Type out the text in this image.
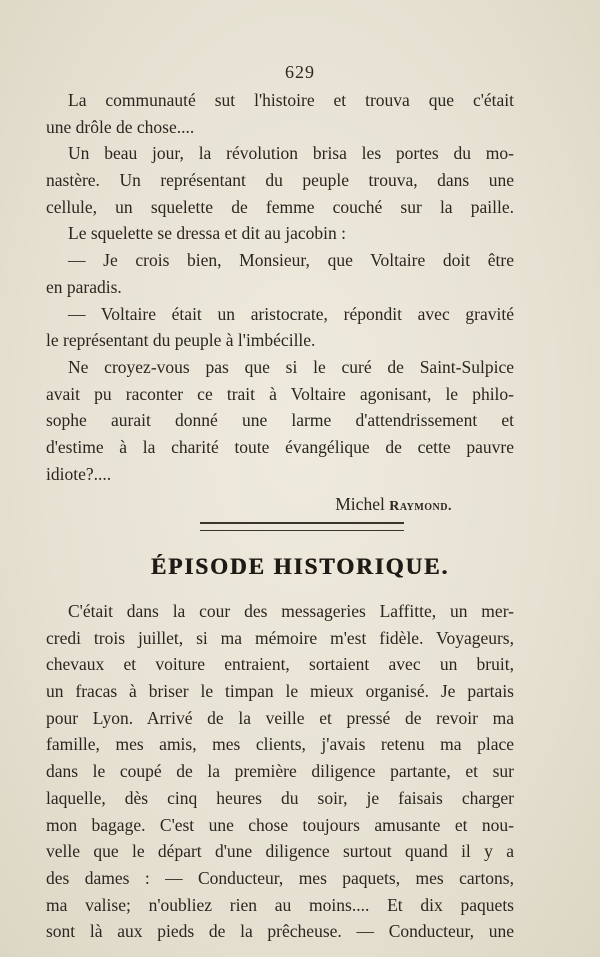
629
La communauté sut l'histoire et trouva que c'était
une drôle de chose....
Un beau jour, la révolution brisa les portes du mo-
nastère. Un représentant du peuple trouva, dans une
cellule, un squelette de femme couché sur la paille.
Le squelette se dressa et dit au jacobin :
— Je crois bien, Monsieur, que Voltaire doit être
en paradis.
— Voltaire était un aristocrate, répondit avec gravité
le représentant du peuple à l'imbécille.
Ne croyez-vous pas que si le curé de Saint-Sulpice
avait pu raconter ce trait à Voltaire agonisant, le philo-
sophe aurait donné une larme d'attendrissement et
d'estime à la charité toute évangélique de cette pauvre
idiote?....
Michel Raymond.
ÉPISODE HISTORIQUE.
C'était dans la cour des messageries Laffitte, un mer-
credi trois juillet, si ma mémoire m'est fidèle. Voyageurs,
chevaux et voiture entraient, sortaient avec un bruit,
un fracas à briser le timpan le mieux organisé. Je partais
pour Lyon. Arrivé de la veille et pressé de revoir ma
famille, mes amis, mes clients, j'avais retenu ma place
dans le coupé de la première diligence partante, et sur
laquelle, dès cinq heures du soir, je faisais charger
mon bagage. C'est une chose toujours amusante et nou-
velle que le départ d'une diligence surtout quand il y a
des dames : — Conducteur, mes paquets, mes cartons,
ma valise; n'oubliez rien au moins.... Et dix paquets
sont là aux pieds de la prêcheuse. — Conducteur, une
